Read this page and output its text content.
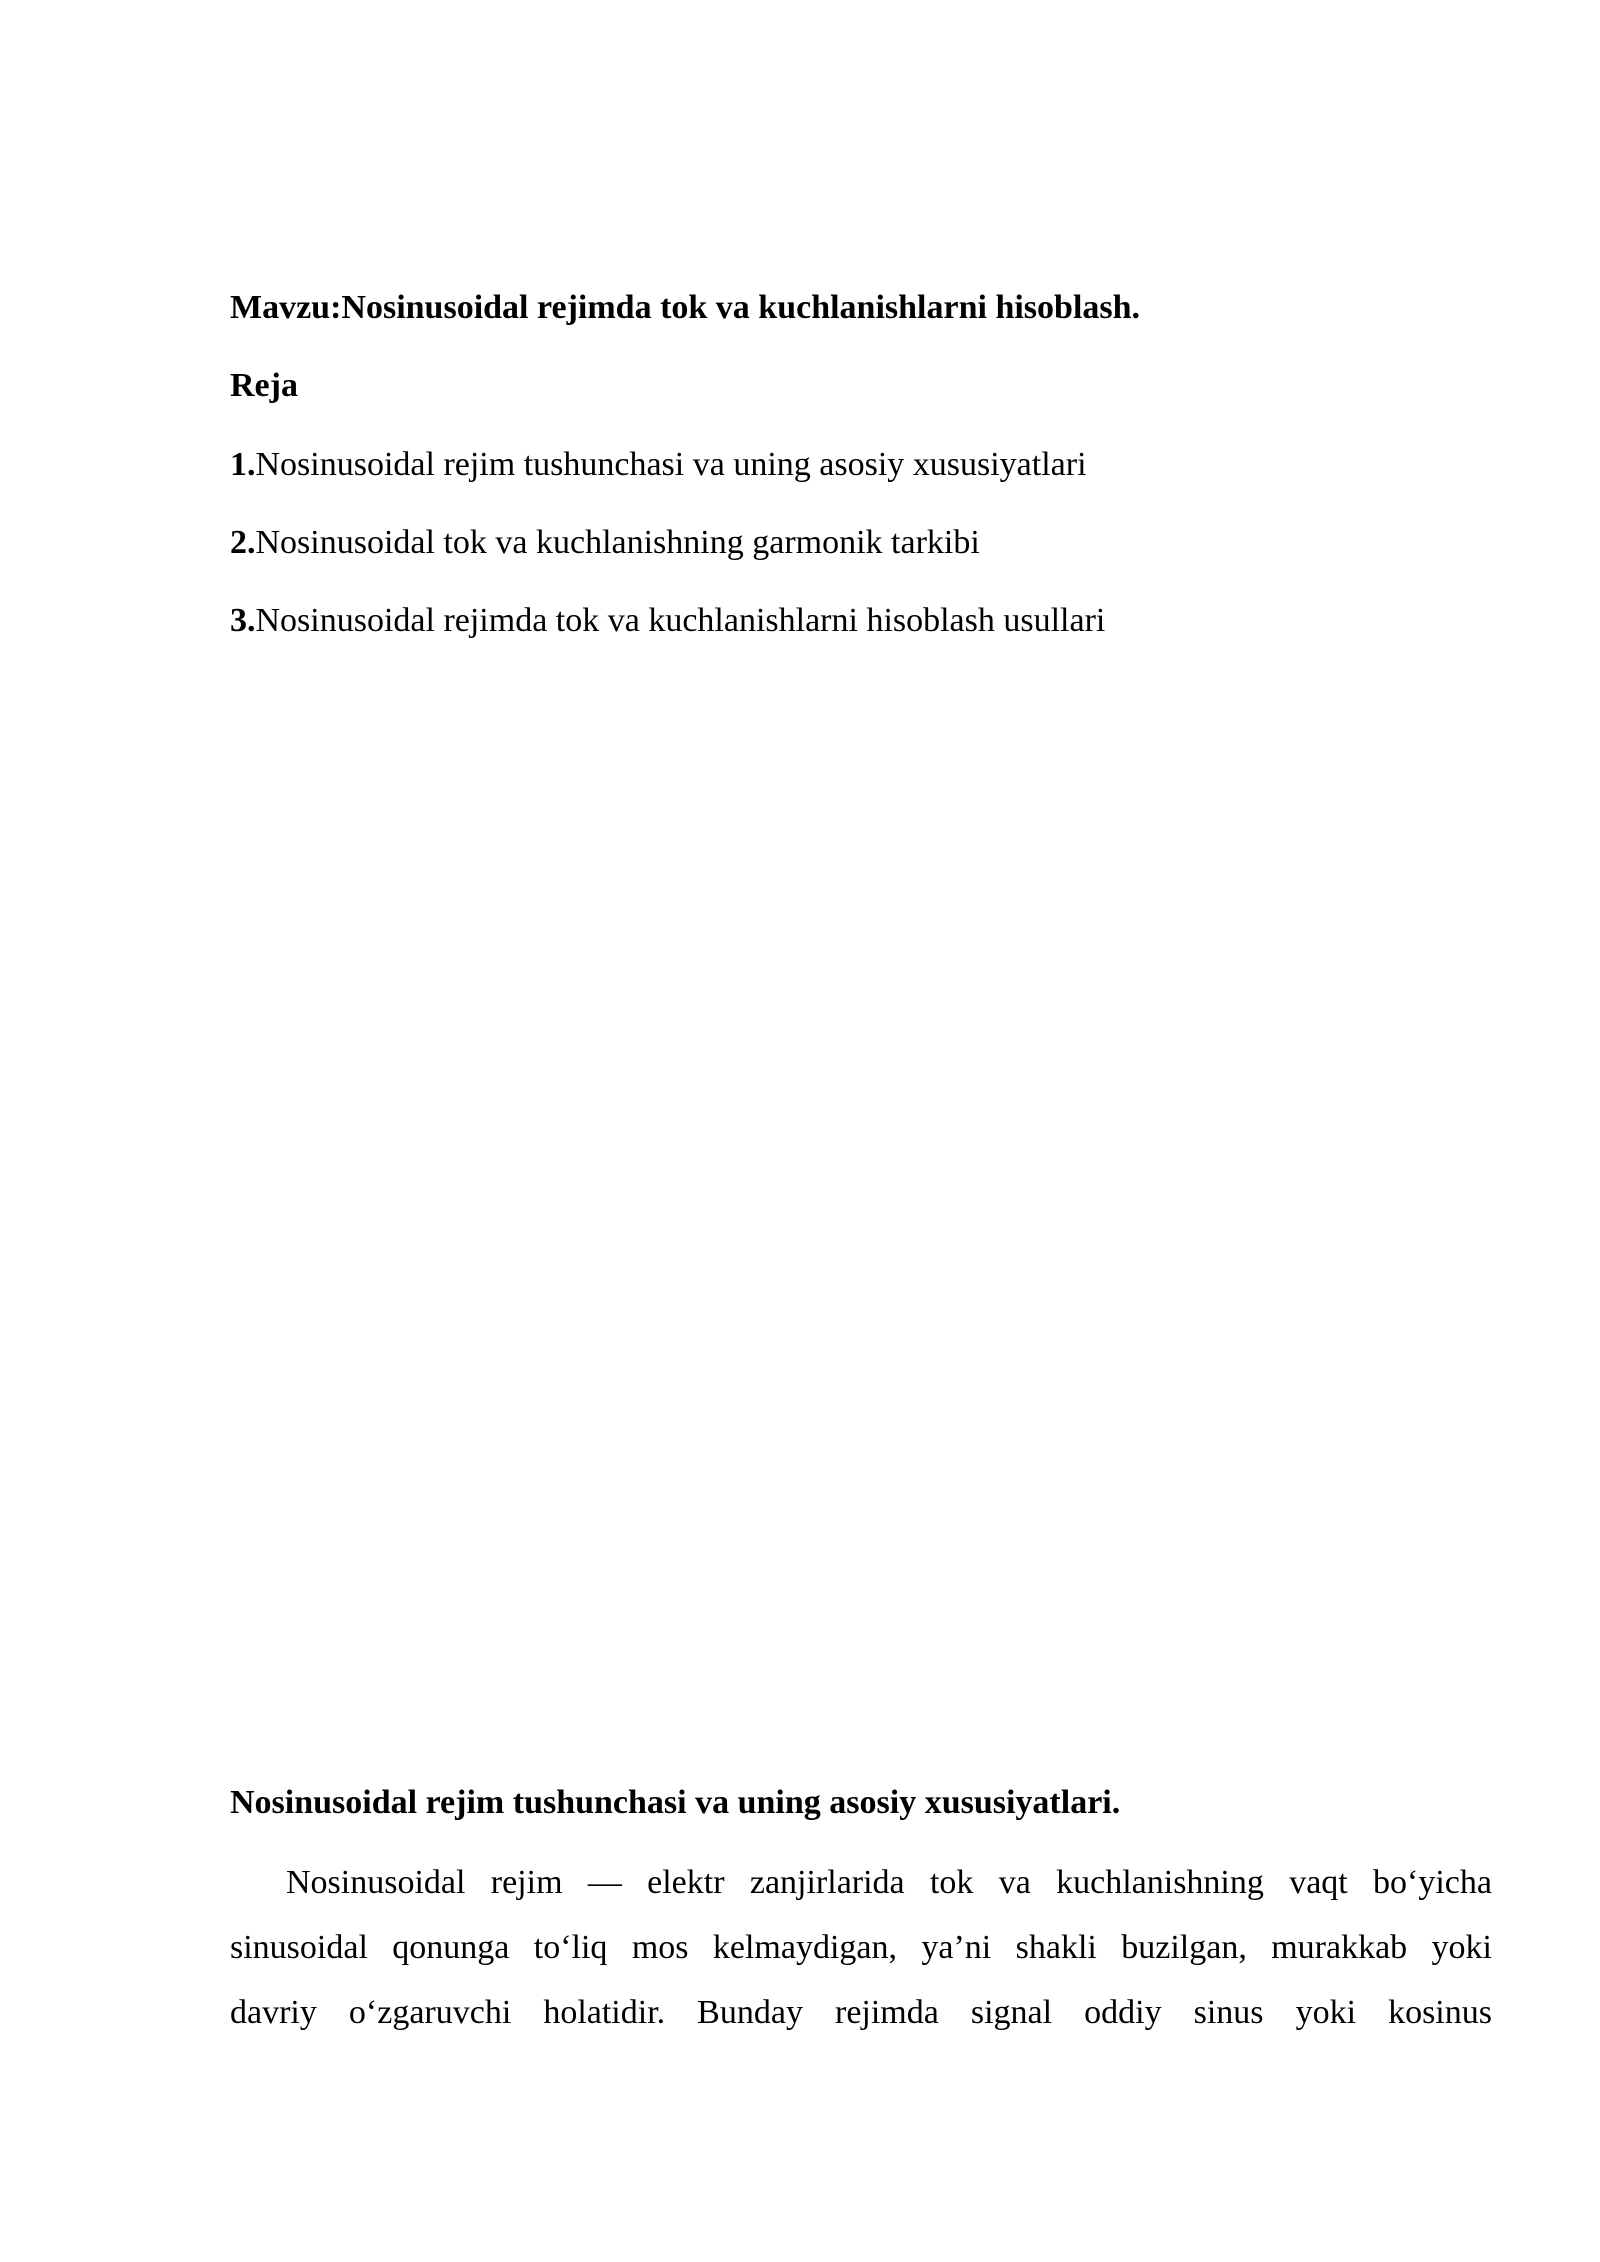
Mavzu:Nosinusoidal rejimda tok va kuchlanishlarni hisoblash.
Reja
1.Nosinusoidal rejim tushunchasi va uning asosiy xususiyatlari
2.Nosinusoidal tok va kuchlanishning garmonik tarkibi
3.Nosinusoidal rejimda tok va kuchlanishlarni hisoblash usullari
Nosinusoidal rejim tushunchasi va uning asosiy xususiyatlari.
Nosinusoidal rejim — elektr zanjirlarida tok va kuchlanishning vaqt bo‘yicha
sinusoidal qonunga to‘liq mos kelmaydigan, ya’ni shakli buzilgan, murakkab yoki
davriy o‘zgaruvchi holatidir. Bunday rejimda signal oddiy sinus yoki kosinus
